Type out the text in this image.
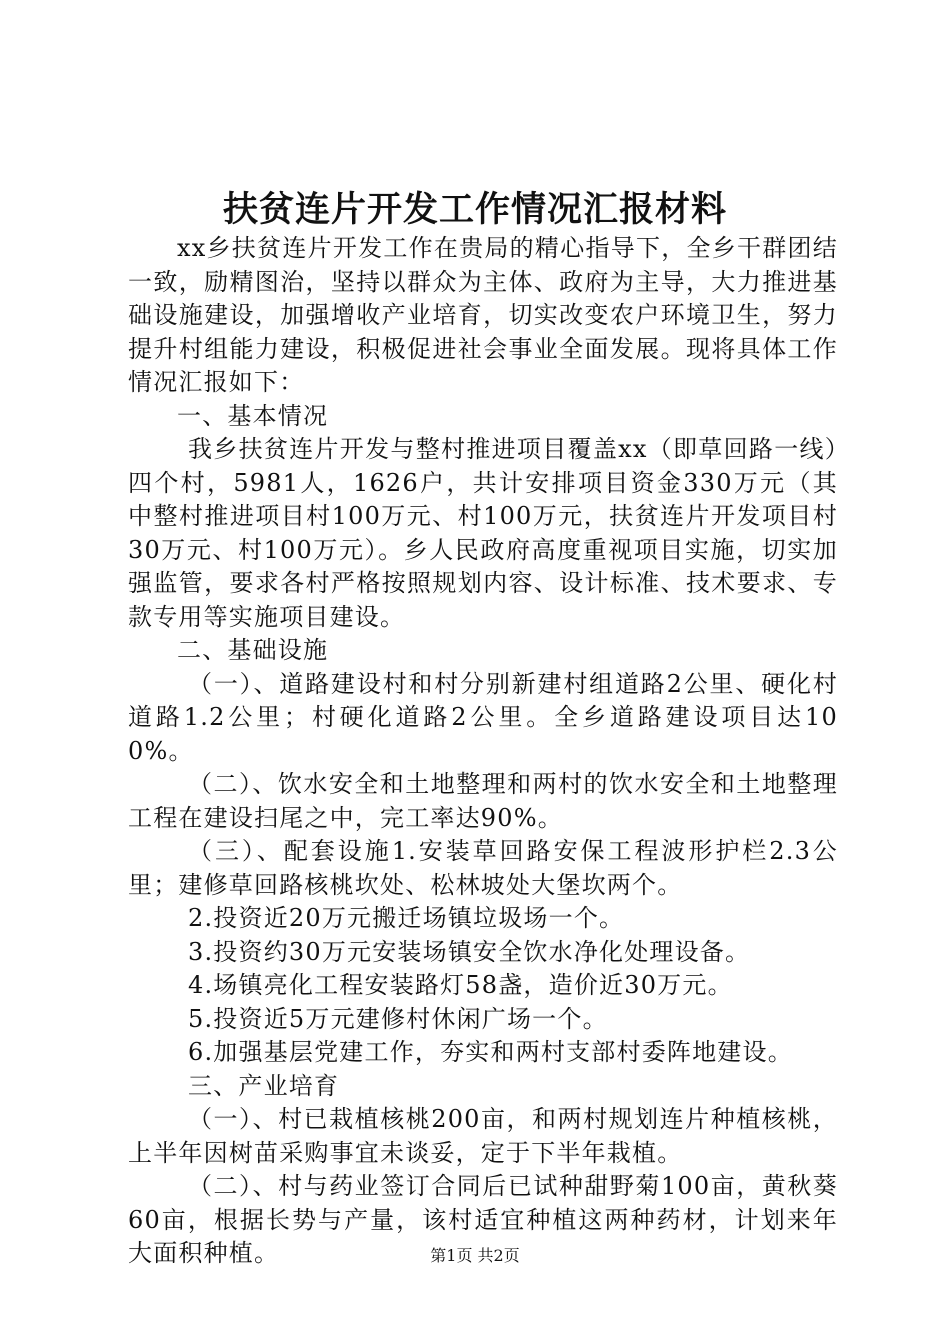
扶贫连片开发工作情况汇报材料

xx乡扶贫连片开发工作在贵局的精心指导下，全乡干群团结一致，励精图治，坚持以群众为主体、政府为主导，大力推进基础设施建设，加强增收产业培育，切实改变农户环境卫生，努力提升村组能力建设，积极促进社会事业全面发展。现将具体工作情况汇报如下：

一、基本情况

我乡扶贫连片开发与整村推进项目覆盖xx（即草回路一线）四个村，5981人，1626户，共计安排项目资金330万元（其中整村推进项目村100万元、村100万元，扶贫连片开发项目村30万元、村100万元）。乡人民政府高度重视项目实施，切实加强监管，要求各村严格按照规划内容、设计标准、技术要求、专款专用等实施项目建设。

二、基础设施

（一）、道路建设村和村分别新建村组道路2公里、硬化村道路1.2公里；村硬化道路2公里。全乡道路建设项目达100%。

（二）、饮水安全和土地整理和两村的饮水安全和土地整理工程在建设扫尾之中，完工率达90%。

（三）、配套设施1.安装草回路安保工程波形护栏2.3公里；建修草回路核桃坎处、松林坡处大堡坎两个。

2.投资近20万元搬迁场镇垃圾场一个。

3.投资约30万元安装场镇安全饮水净化处理设备。

4.场镇亮化工程安装路灯58盏，造价近30万元。

5.投资近5万元建修村休闲广场一个。

6.加强基层党建工作，夯实和两村支部村委阵地建设。

三、产业培育

（一）、村已栽植核桃200亩，和两村规划连片种植核桃，上半年因树苗采购事宜未谈妥，定于下半年栽植。

（二）、村与药业签订合同后已试种甜野菊100亩，黄秋葵60亩，根据长势与产量，该村适宜种植这两种药材，计划来年大面积种植。	第1页 共2页
